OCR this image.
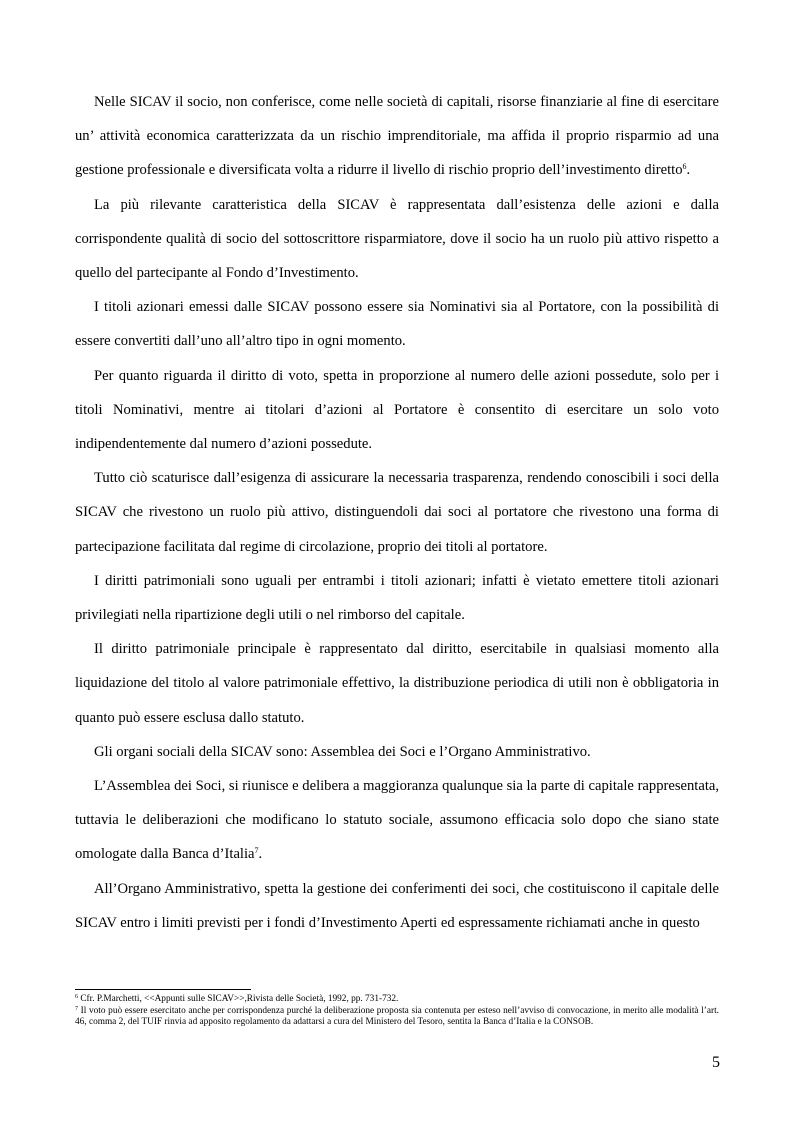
Nelle SICAV il socio, non conferisce, come nelle società di capitali, risorse finanziarie al fine di esercitare un’ attività economica caratterizzata da un rischio imprenditoriale, ma affida il proprio risparmio ad una gestione professionale e diversificata volta a ridurre il livello di rischio proprio dell’investimento diretto$^6$.

La più rilevante caratteristica della SICAV è rappresentata dall’esistenza delle azioni e dalla corrispondente qualità di socio del sottoscrittore risparmiatore, dove il socio ha un ruolo più attivo rispetto a quello del partecipante al Fondo d’Investimento.

I titoli azionari emessi dalle SICAV possono essere sia Nominativi sia al Portatore, con la possibilità di essere convertiti dall’uno all’altro tipo in ogni momento.

Per quanto riguarda il diritto di voto, spetta in proporzione al numero delle azioni possedute, solo per i titoli Nominativi, mentre ai titolari d’azioni al Portatore è consentito di esercitare un solo voto indipendentemente dal numero d’azioni possedute.

Tutto ciò scaturisce dall’esigenza di assicurare la necessaria trasparenza, rendendo conoscibili i soci della SICAV che rivestono un ruolo più attivo, distinguendoli dai soci al portatore che rivestono una forma di partecipazione facilitata dal regime di circolazione, proprio dei titoli al portatore.

I diritti patrimoniali sono uguali per entrambi i titoli azionari; infatti è vietato emettere titoli azionari privilegiati nella ripartizione degli utili o nel rimborso del capitale.

Il diritto patrimoniale principale è rappresentato dal diritto, esercitabile in qualsiasi momento alla liquidazione del titolo al valore patrimoniale effettivo, la distribuzione periodica di utili non è obbligatoria in quanto può essere esclusa dallo statuto.

Gli organi sociali della SICAV sono: Assemblea dei Soci e l’Organo Amministrativo.

L’Assemblea dei Soci, si riunisce e delibera a maggioranza qualunque sia la parte di capitale rappresentata, tuttavia le deliberazioni che modificano lo statuto sociale, assumono efficacia solo dopo che siano state omologate dalla Banca d’Italia$^7$.

All’Organo Amministrativo, spetta la gestione dei conferimenti dei soci, che costituiscono il capitale delle SICAV entro i limiti previsti per i fondi d’Investimento Aperti ed espressamente richiamati anche in questo

$^6$ Cfr. P.Marchetti, <<Appunti sulle SICAV>>,Rivista delle Società, 1992, pp. 731-732.

$^7$ Il voto può essere esercitato anche per corrispondenza purché la deliberazione proposta sia contenuta per esteso nell’avviso di convocazione, in merito alle modalità l’art. 46, comma 2, del TUIF rinvia ad apposito regolamento da adattarsi a cura del Ministero del Tesoro, sentita la Banca d’Italia e la CONSOB.

5
